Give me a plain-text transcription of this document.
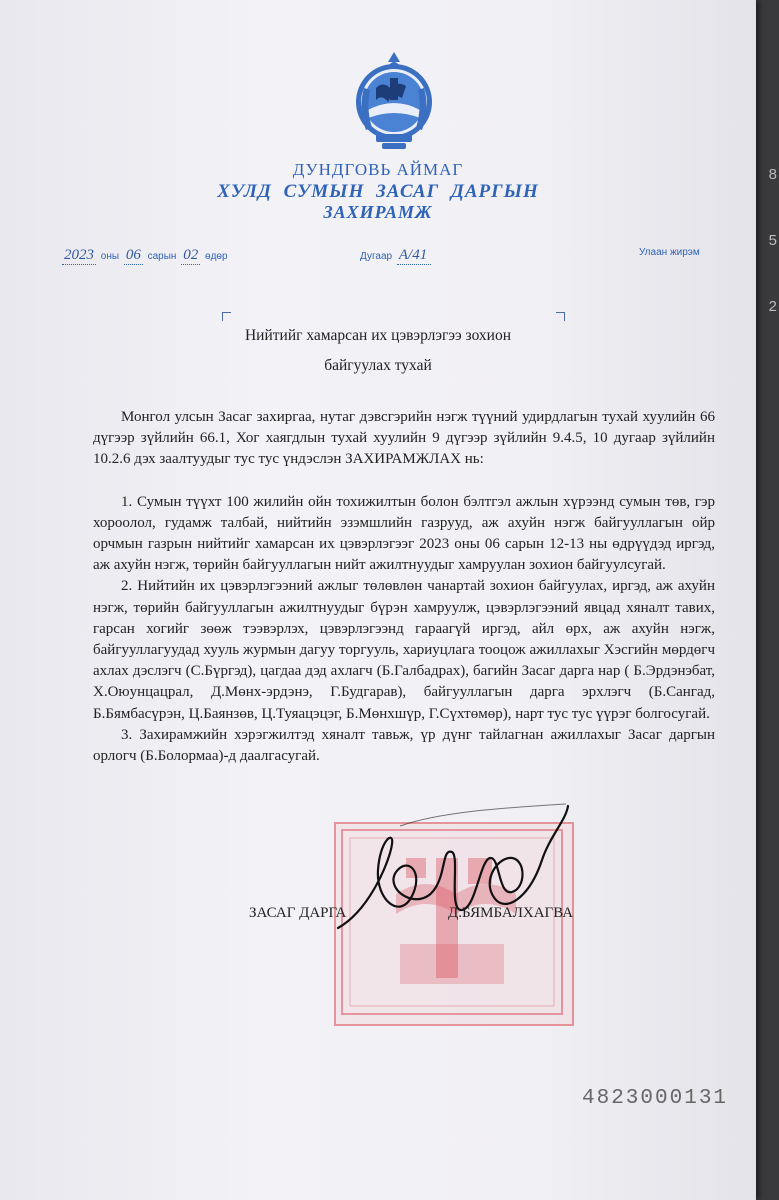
ДУНДГОВЬ АЙМАГ
ХУЛД СУМЫН ЗАСАГ ДАРГЫН
ЗАХИРАМЖ
2023 оны 06 сарын 02 өдөр	Дугаар А/41	Улаан жирэм
Нийтийг хамарсан их цэвэрлэгээ зохион
байгуулах тухай

Монгол улсын Засаг захиргаа, нутаг дэвсгэрийн нэгж түүний удирдлагын тухай хуулийн 66 дүгээр зүйлийн 66.1, Хог хаягдлын тухай хуулийн 9 дүгээр зүйлийн 9.4.5, 10 дугаар зүйлийн 10.2.6 дэх заалтуудыг тус тус үндэслэн ЗАХИРАМЖЛАХ нь:

1. Сумын түүхт 100 жилийн ойн тохижилтын болон бэлтгэл ажлын хүрээнд сумын төв, гэр хороолол, гудамж талбай, нийтийн эзэмшлийн газрууд, аж ахуйн нэгж байгууллагын ойр орчмын газрын нийтийг хамарсан их цэвэрлэгээг 2023 оны 06 сарын 12-13 ны өдрүүдэд иргэд, аж ахуйн нэгж, төрийн байгууллагын нийт ажилтнуудыг хамруулан зохион байгуулсугай.

2. Нийтийн их цэвэрлэгээний ажлыг төлөвлөн чанартай зохион байгуулах, иргэд, аж ахуйн нэгж, төрийн байгууллагын ажилтнуудыг бүрэн хамруулж, цэвэрлэгээний явцад хяналт тавих, гарсан хогийг зөөж тээвэрлэх, цэвэрлэгээнд гараагүй иргэд, айл өрх, аж ахуйн нэгж, байгууллагуудад хууль журмын дагуу торгууль, хариуцлага тооцож ажиллахыг Хэсгийн мөрдөгч ахлах дэслэгч (С.Бүргэд), цагдаа дэд ахлагч (Б.Галбадрах), багийн Засаг дарга нар ( Б.Эрдэнэбат, Х.Оюунцацрал, Д.Мөнх-эрдэнэ, Г.Будгарав), байгууллагын дарга эрхлэгч (Б.Сангад, Б.Бямбасүрэн, Ц.Баянзөв, Ц.Туяацэцэг, Б.Мөнхшүр, Г.Сүхтөмөр), нарт тус тус үүрэг болгосугай.

3. Захирамжийн хэрэгжилтэд хяналт тавьж, үр дүнг тайлагнан ажиллахыг Засаг даргын орлогч (Б.Болормаа)-д даалгасугай.

ЗАСАГ ДАРГА	Д.БЯМБАЛХАГВА
4823000131
8
5
2
